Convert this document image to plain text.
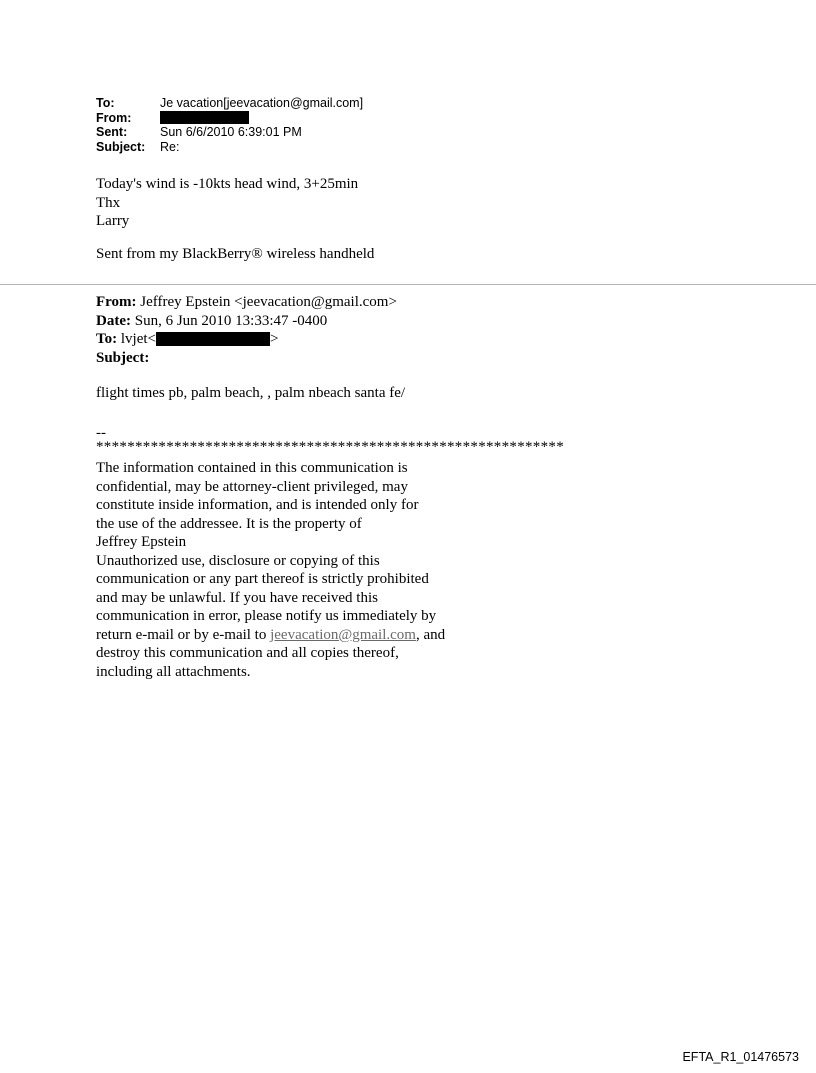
To:	Je vacation[jeevacation@gmail.com]
From:
Sent:	Sun 6/6/2010 6:39:01 PM
Subject: Re:
Today's wind is -10kts head wind, 3+25min
Thx
Larry
Sent from my BlackBerry® wireless handheld
From: Jeffrey Epstein <jeevacation@gmail.com>
Date: Sun, 6 Jun 2010 13:33:47 -0400
To: lvjet<	>
Subject:
flight times pb, palm beach, , palm nbeach santa fe/
--
************************************************************
The information contained in this communication is
confidential, may be attorney-client privileged, may
constitute inside information, and is intended only for
the use of the addressee. It is the property of
Jeffrey Epstein
Unauthorized use, disclosure or copying of this
communication or any part thereof is strictly prohibited
and may be unlawful. If you have received this
communication in error, please notify us immediately by
return e-mail or by e-mail to jeevacation@gmail.com, and
destroy this communication and all copies thereof,
including all attachments.
EFTA_R1_01476573
